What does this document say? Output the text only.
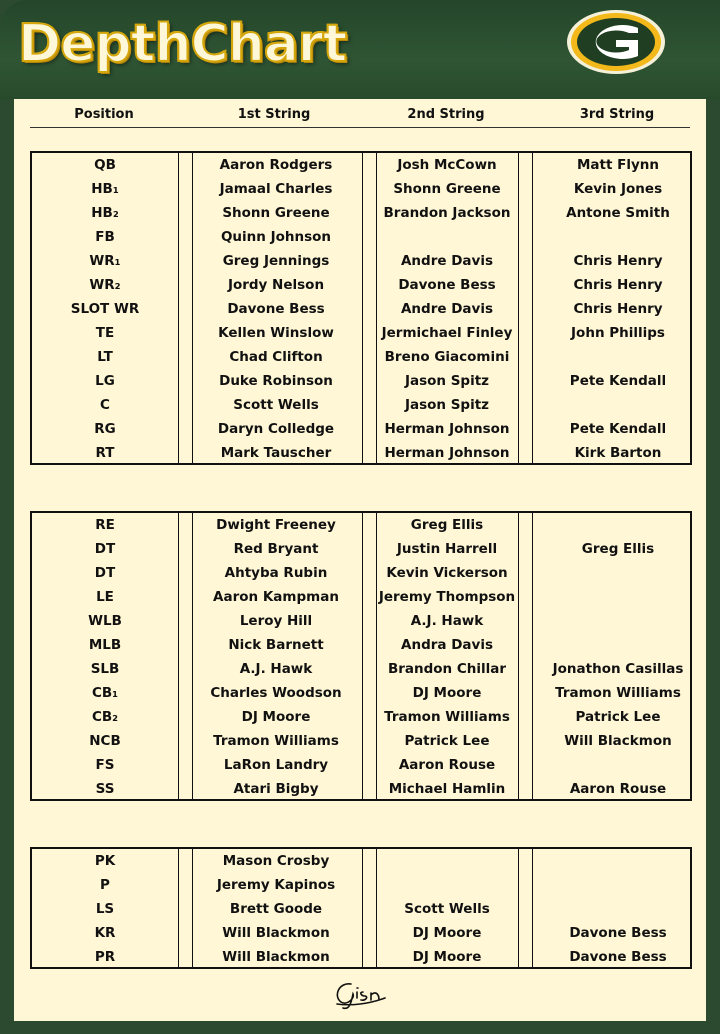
DepthChart
Position	1st String	2nd String	3rd String
QB	Aaron Rodgers	Josh McCown	Matt Flynn
HB₁	Jamaal Charles	Shonn Greene	Kevin Jones
HB₂	Shonn Greene	Brandon Jackson	Antone Smith
FB	Quinn Johnson
WR₁	Greg Jennings	Andre Davis	Chris Henry
WR₂	Jordy Nelson	Davone Bess	Chris Henry
SLOT WR	Davone Bess	Andre Davis	Chris Henry
TE	Kellen Winslow	Jermichael Finley	John Phillips
LT	Chad Clifton	Breno Giacomini
LG	Duke Robinson	Jason Spitz	Pete Kendall
C	Scott Wells	Jason Spitz
RG	Daryn Colledge	Herman Johnson	Pete Kendall
RT	Mark Tauscher	Herman Johnson	Kirk Barton
RE	Dwight Freeney	Greg Ellis
DT	Red Bryant	Justin Harrell	Greg Ellis
DT	Ahtyba Rubin	Kevin Vickerson
LE	Aaron Kampman	Jeremy Thompson
WLB	Leroy Hill	A.J. Hawk
MLB	Nick Barnett	Andra Davis
SLB	A.J. Hawk	Brandon Chillar	Jonathon Casillas
CB₁	Charles Woodson	DJ Moore	Tramon Williams
CB₂	DJ Moore	Tramon Williams	Patrick Lee
NCB	Tramon Williams	Patrick Lee	Will Blackmon
FS	LaRon Landry	Aaron Rouse
SS	Atari Bigby	Michael Hamlin	Aaron Rouse
PK	Mason Crosby
P	Jeremy Kapinos
LS	Brett Goode	Scott Wells
KR	Will Blackmon	DJ Moore	Davone Bess
PR	Will Blackmon	DJ Moore	Davone Bess
